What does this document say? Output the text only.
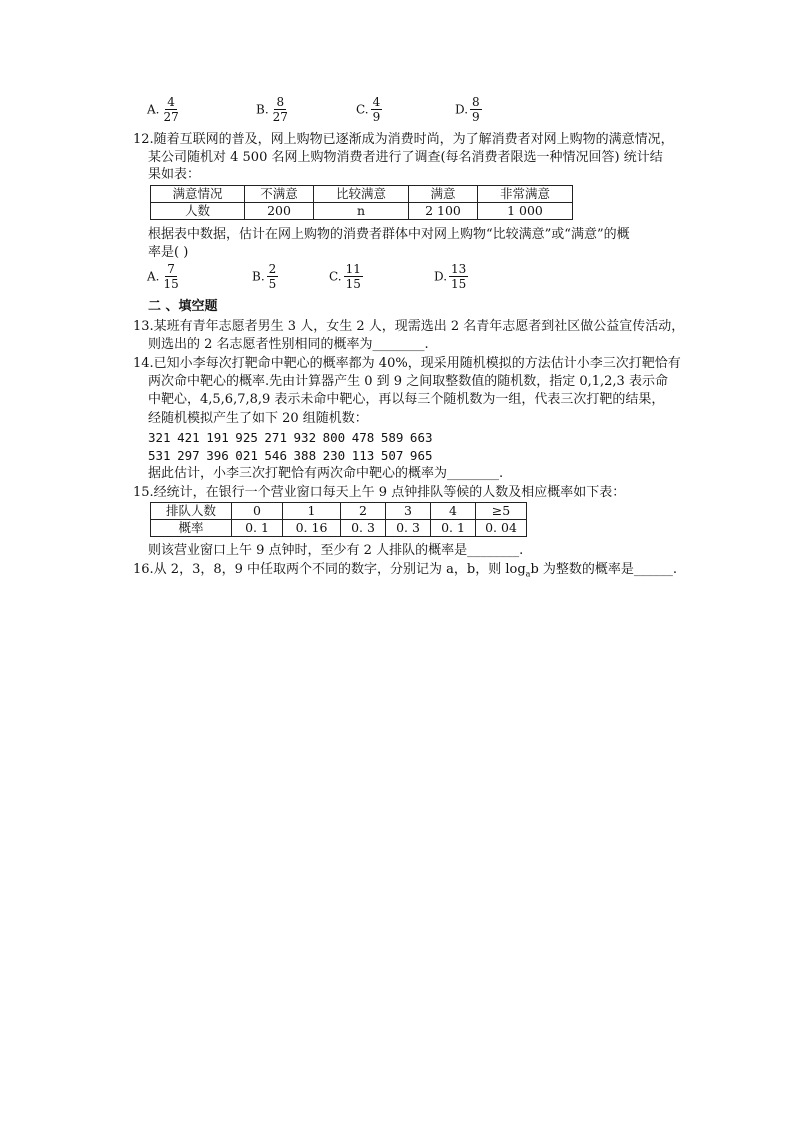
A. $\frac{4}{27}$	B. $\frac{8}{27}$	C. $\frac{4}{9}$	D. $\frac{8}{9}$
12.随着互联网的普及，网上购物已逐渐成为消费时尚，为了解消费者对网上购物的满意情况，
某公司随机对 4 500 名网上购物消费者进行了调查(每名消费者限选一种情况回答) 统计结
果如表：
满意情况	不满意	比较满意	满意	非常满意
人数	200	n	2 100	1 000
根据表中数据，估计在网上购物的消费者群体中对网上购物“比较满意”或“满意”的概
率是( )
A. $\frac{7}{15}$	B. $\frac{2}{5}$	C. $\frac{11}{15}$	D. $\frac{13}{15}$
二 、填空题
13.某班有青年志愿者男生 3 人，女生 2 人，现需选出 2 名青年志愿者到社区做公益宣传活动，
则选出的 2 名志愿者性别相同的概率为________.
14.已知小李每次打靶命中靶心的概率都为 40%，现采用随机模拟的方法估计小李三次打靶恰有
两次命中靶心的概率.先由计算器产生 0 到 9 之间取整数值的随机数，指定 0,1,2,3 表示命
中靶心，4,5,6,7,8,9 表示未命中靶心，再以每三个随机数为一组，代表三次打靶的结果，
经随机模拟产生了如下 20 组随机数：
321 421 191 925 271 932 800 478 589 663
531 297 396 021 546 388 230 113 507 965
据此估计，小李三次打靶恰有两次命中靶心的概率为________.
15.经统计，在银行一个营业窗口每天上午 9 点钟排队等候的人数及相应概率如下表：
排队人数	0	1	2	3	4	≥5
概率	0. 1	0. 16	0. 3	0. 3	0. 1	0. 04
则该营业窗口上午 9 点钟时，至少有 2 人排队的概率是________.
16.从 2，3，8，9 中任取两个不同的数字，分别记为 a，b，则 $\log_ab$ 为整数的概率是______.
